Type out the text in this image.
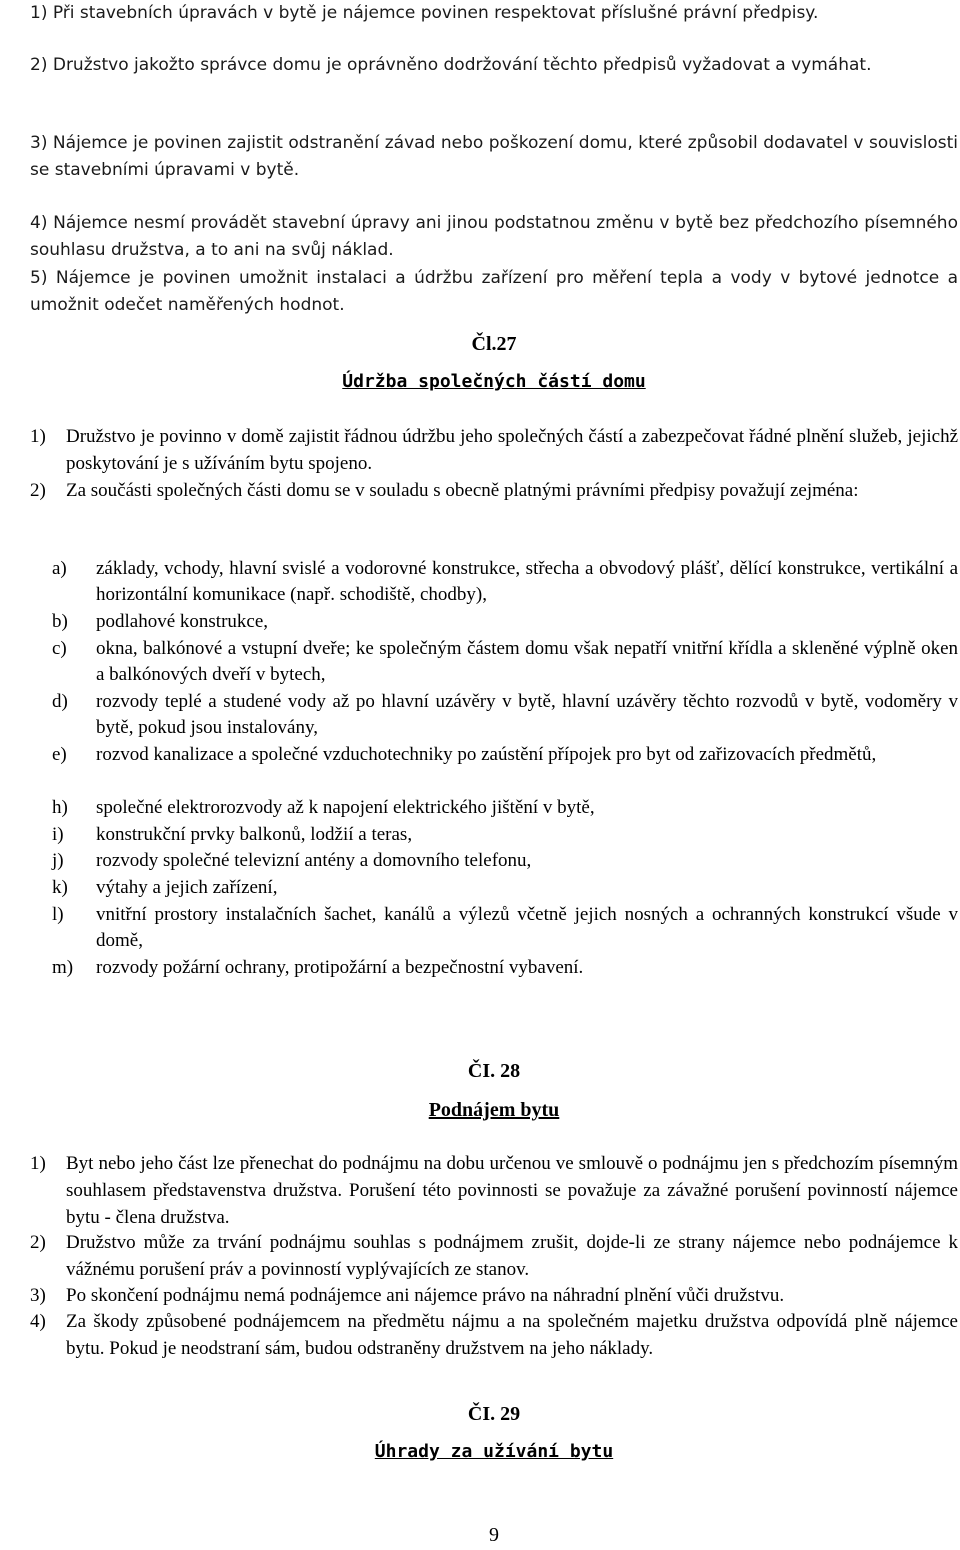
1) Při stavebních úpravách v bytě je nájemce povinen respektovat příslušné právní předpisy.
2) Družstvo jakožto správce domu je oprávněno dodržování těchto předpisů vyžadovat a vymáhat.
3) Nájemce je povinen zajistit odstranění závad nebo poškození domu, které způsobil dodavatel v souvislosti se stavebními úpravami v bytě.
4) Nájemce nesmí provádět stavební úpravy ani jinou podstatnou změnu v bytě bez předchozího písemného souhlasu družstva, a to ani na svůj náklad.
5) Nájemce je povinen umožnit instalaci a údržbu zařízení pro měření tepla a vody v bytové jednotce a umožnit odečet naměřených hodnot.
Čl.27
Údržba společných částí domu
1)	Družstvo je povinno v domě zajistit řádnou údržbu jeho společných částí a zabezpečovat řádné plnění služeb, jejichž poskytování je s užíváním bytu spojeno.
2)	Za součásti společných části domu se v souladu s obecně platnými právními předpisy považují zejména:
a)	základy, vchody, hlavní svislé a vodorovné konstrukce, střecha a obvodový plášť, dělící konstrukce, vertikální a horizontální komunikace (např. schodiště, chodby),
b)	podlahové konstrukce,
c)	okna, balkónové a vstupní dveře; ke společným částem domu však nepatří vnitřní křídla a skleněné výplně oken a balkónových dveří v bytech,
d)	rozvody teplé a studené vody až po hlavní uzávěry v bytě, hlavní uzávěry těchto rozvodů v bytě, vodoměry v bytě, pokud jsou instalovány,
e)	rozvod kanalizace a společné vzduchotechniky po zaústění přípojek pro byt od zařizovacích předmětů,
h)	společné elektrorozvody až k napojení elektrického jištění v bytě,
i)	konstrukční prvky balkonů, lodžií a teras,
j)	rozvody společné televizní antény a domovního telefonu,
k)	výtahy a jejich zařízení,
l)	vnitřní prostory instalačních šachet, kanálů a výlezů včetně jejich nosných a ochranných konstrukcí všude v domě,
m)	rozvody požární ochrany, protipožární a bezpečnostní vybavení.
ČI. 28
Podnájem bytu
1)	Byt nebo jeho část lze přenechat do podnájmu na dobu určenou ve smlouvě o podnájmu jen s předchozím písemným souhlasem představenstva družstva. Porušení této povinnosti se považuje za závažné porušení povinností nájemce bytu - člena družstva.
2)	Družstvo může za trvání podnájmu souhlas s podnájmem zrušit, dojde-li ze strany nájemce nebo podnájemce k vážnému porušení práv a povinností vyplývajících ze stanov.
3)	Po skončení podnájmu nemá podnájemce ani nájemce právo na náhradní plnění vůči družstvu.
4)	Za škody způsobené podnájemcem na předmětu nájmu a na společném majetku družstva odpovídá plně nájemce bytu. Pokud je neodstraní sám, budou odstraněny družstvem na jeho náklady.
ČI. 29
Úhrady za užívání bytu
9
